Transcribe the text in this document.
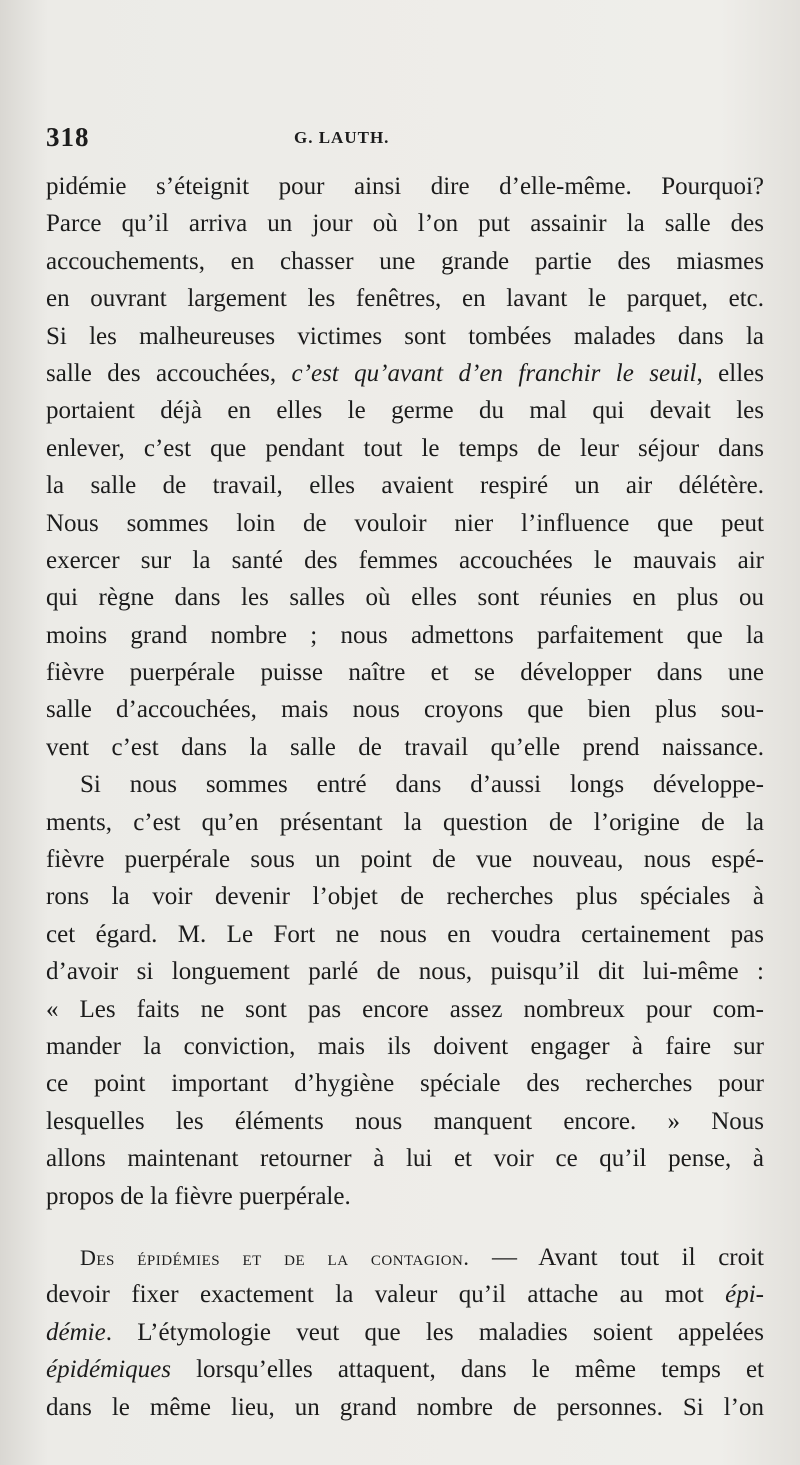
318	G. LAUTH.
pidémie s’éteignit pour ainsi dire d’elle-même. Pourquoi?
Parce qu’il arriva un jour où l’on put assainir la salle des
accouchements, en chasser une grande partie des miasmes
en ouvrant largement les fenêtres, en lavant le parquet, etc.
Si les malheureuses victimes sont tombées malades dans la
salle des accouchées, c’est qu’avant d’en franchir le seuil, elles
portaient déjà en elles le germe du mal qui devait les
enlever, c’est que pendant tout le temps de leur séjour dans
la salle de travail, elles avaient respiré un air délétère.
Nous sommes loin de vouloir nier l’influence que peut
exercer sur la santé des femmes accouchées le mauvais air
qui règne dans les salles où elles sont réunies en plus ou
moins grand nombre ; nous admettons parfaitement que la
fièvre puerpérale puisse naître et se développer dans une
salle d’accouchées, mais nous croyons que bien plus sou-
vent c’est dans la salle de travail qu’elle prend naissance.
Si nous sommes entré dans d’aussi longs développe-
ments, c’est qu’en présentant la question de l’origine de la
fièvre puerpérale sous un point de vue nouveau, nous espé-
rons la voir devenir l’objet de recherches plus spéciales à
cet égard. M. Le Fort ne nous en voudra certainement pas
d’avoir si longuement parlé de nous, puisqu’il dit lui-même :
« Les faits ne sont pas encore assez nombreux pour com-
mander la conviction, mais ils doivent engager à faire sur
ce point important d’hygiène spéciale des recherches pour
lesquelles les éléments nous manquent encore. » Nous
allons maintenant retourner à lui et voir ce qu’il pense, à
propos de la fièvre puerpérale.
Des épidémies et de la contagion. — Avant tout il croit
devoir fixer exactement la valeur qu’il attache au mot épi-
démie. L’étymologie veut que les maladies soient appelées
épidémiques lorsqu’elles attaquent, dans le même temps et
dans le même lieu, un grand nombre de personnes. Si l’on
